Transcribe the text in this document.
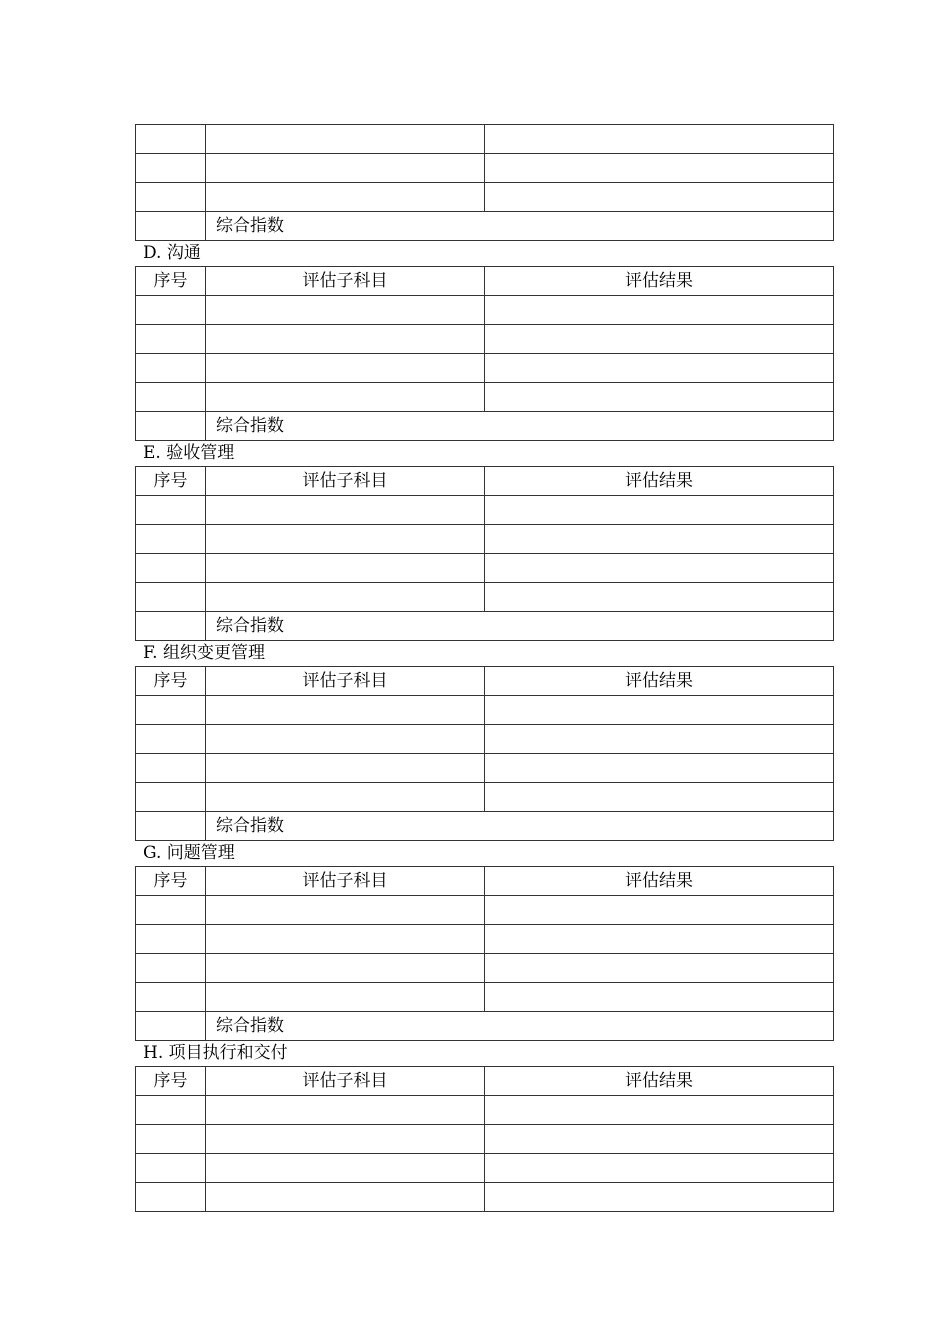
	综合指数	
D. 沟通
序号	评估子科目	评估结果

	综合指数	
E. 验收管理
序号	评估子科目	评估结果

	综合指数	
F. 组织变更管理
序号	评估子科目	评估结果

	综合指数	
G. 问题管理
序号	评估子科目	评估结果

	综合指数	
H. 项目执行和交付
序号	评估子科目	评估结果
